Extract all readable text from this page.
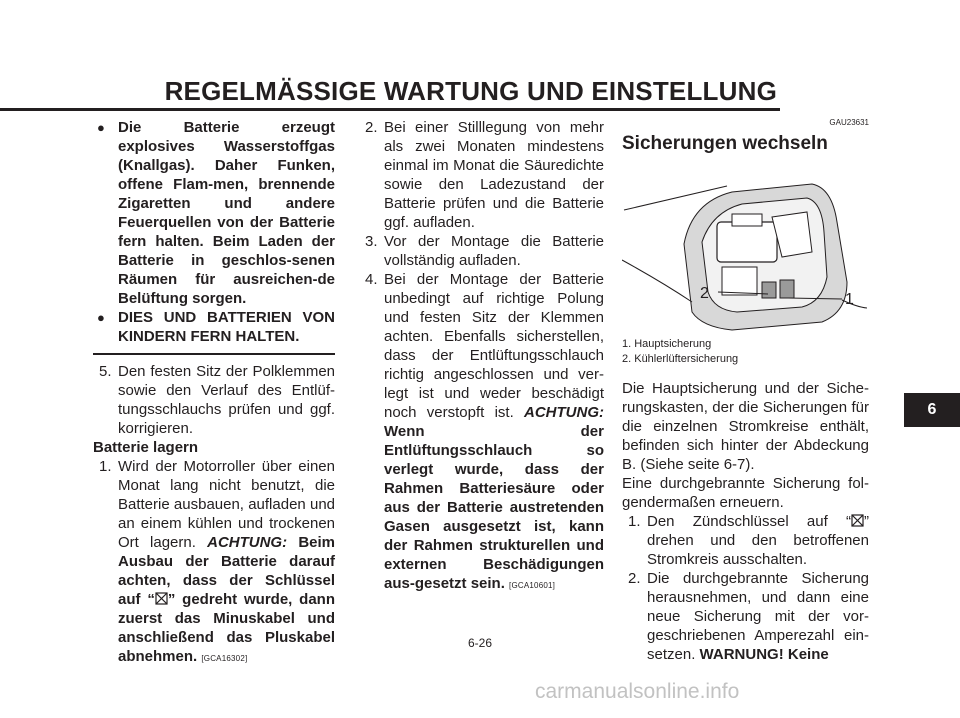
REGELMÄSSIGE WARTUNG UND EINSTELLUNG
● Die Batterie erzeugt explosives Wasserstoffgas (Knallgas). Daher Funken, offene Flam-men, brennende Zigaretten und andere Feuerquellen von der Batterie fern halten. Beim Laden der Batterie in geschlos-senen Räumen für ausreichen-de Belüftung sorgen.
● DIES UND BATTERIEN VON KINDERN FERN HALTEN.
5. Den festen Sitz der Polklemmen sowie den Verlauf des Entlüf-tungsschlauchs prüfen und ggf. korrigieren.
Batterie lagern
1. Wird der Motorroller über einen Monat lang nicht benutzt, die Batterie ausbauen, aufladen und an einem kühlen und trockenen Ort lagern. ACHTUNG: Beim Ausbau der Batterie darauf achten, dass der Schlüssel auf “ ” gedreht wurde, dann zuerst das Minuskabel und anschließend das Pluskabel abnehmen. [GCA16302]
2. Bei einer Stilllegung von mehr als zwei Monaten mindestens einmal im Monat die Säuredichte sowie den Ladezustand der Batterie prüfen und die Batterie ggf. aufladen.
3. Vor der Montage die Batterie vollständig aufladen.
4. Bei der Montage der Batterie unbedingt auf richtige Polung und festen Sitz der Klemmen achten. Ebenfalls sicherstellen, dass der Entlüftungsschlauch richtig angeschlossen und ver-legt ist und weder beschädigt noch verstopft ist. ACHTUNG: Wenn der Entlüftungsschlauch so verlegt wurde, dass der Rahmen Batteriesäure oder aus der Batterie austretenden Gasen ausgesetzt ist, kann der Rahmen strukturellen und externen Beschädigungen aus-gesetzt sein. [GCA10601]
GAU23631
Sicherungen wechseln
2	1
1. Hauptsicherung
2. Kühlerlüftersicherung
Die Hauptsicherung und der Siche-rungskasten, der die Sicherungen für die einzelnen Stromkreise enthält, befinden sich hinter der Abdeckung B. (Siehe seite 6-7).
Eine durchgebrannte Sicherung fol-gendermaßen erneuern.
1. Den Zündschlüssel auf “ ” drehen und den betroffenen Stromkreis ausschalten.
2. Die durchgebrannte Sicherung herausnehmen, und dann eine neue Sicherung mit der vor-geschriebenen Amperezahl ein-setzen. WARNUNG! Keine
6
6-26
carmanualsonline.info
